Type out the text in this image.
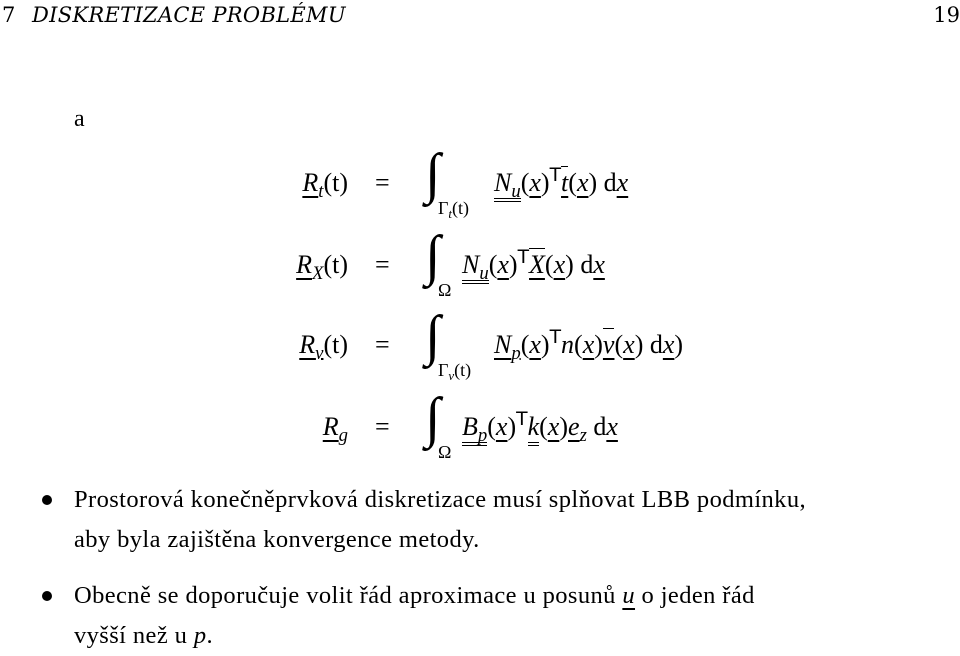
7 DISKRETIZACE PROBLÉMU	19
a
$R_t(t)$ = ∫
$\Gamma_t(t)$
$N_u(x)^Tt(x)$ dx
$R_X(t)$ = ∫
Ω
$N_u(x)^TX(x)$ dx
$R_v(t)$ = ∫
$\Gamma_v(t)$
$N_p(x)^Tn(x)v(x)$ dx)
$R_g$ = ∫
Ω
$B_p(x)^Tk(x)e_z$ dx
Prostorová konečněprvková diskretizace musí splňovat LBB podmínku,
aby byla zajištěna konvergence metody.
Obecně se doporučuje volit řád aproximace u posunů u o jeden řád
vyšší než u p.
